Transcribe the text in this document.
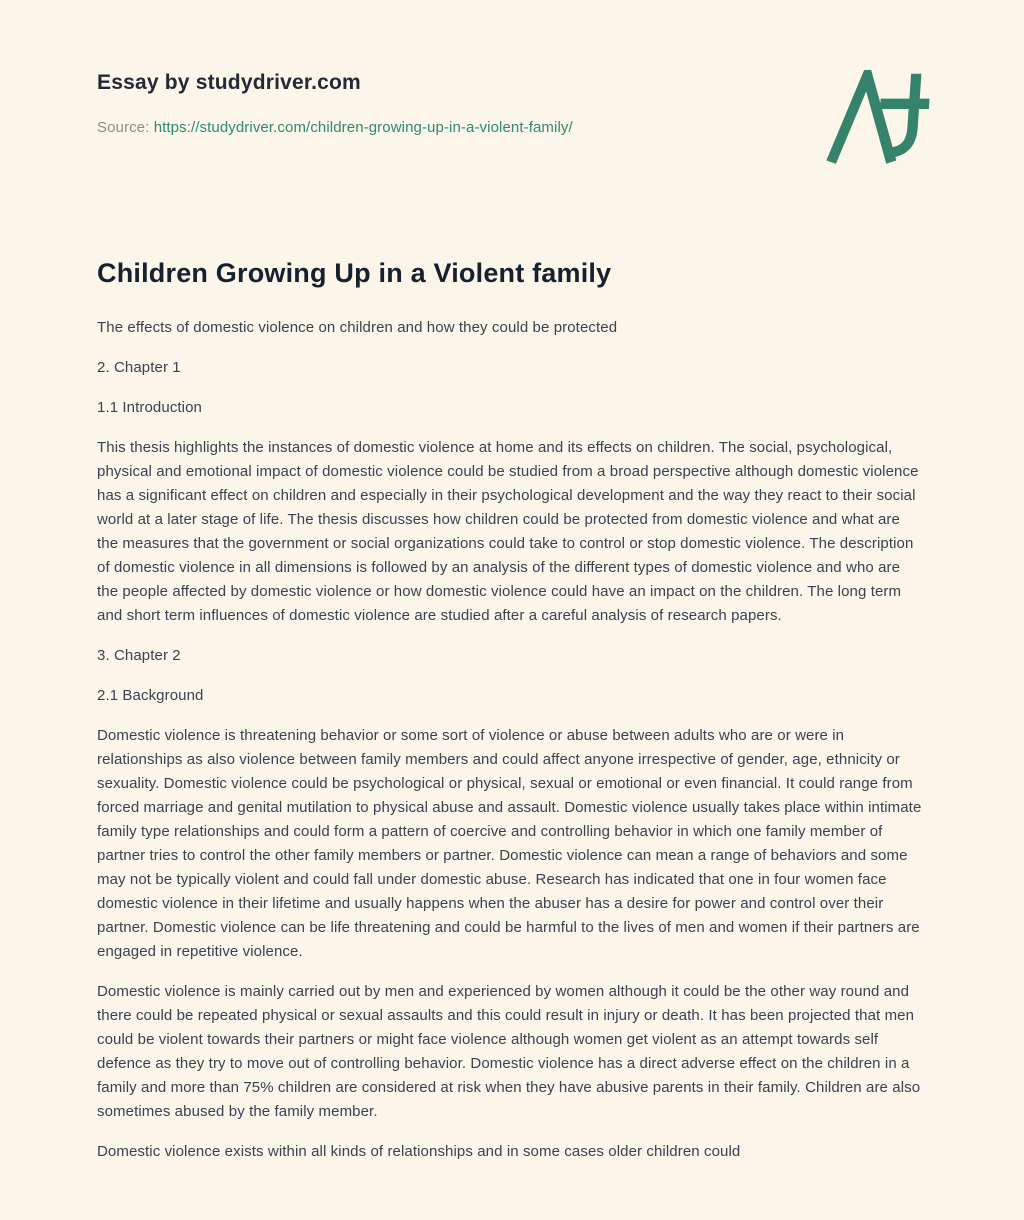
Essay by studydriver.com
Source: https://studydriver.com/children-growing-up-in-a-violent-family/
Children Growing Up in a Violent family

The effects of domestic violence on children and how they could be protected

2. Chapter 1

1.1 Introduction

This thesis highlights the instances of domestic violence at home and its effects on children. The social, psychological, physical and emotional impact of domestic violence could be studied from a broad perspective although domestic violence has a significant effect on children and especially in their psychological development and the way they react to their social world at a later stage of life. The thesis discusses how children could be protected from domestic violence and what are the measures that the government or social organizations could take to control or stop domestic violence. The description of domestic violence in all dimensions is followed by an analysis of the different types of domestic violence and who are the people affected by domestic violence or how domestic violence could have an impact on the children. The long term and short term influences of domestic violence are studied after a careful analysis of research papers.

3. Chapter 2

2.1 Background

Domestic violence is threatening behavior or some sort of violence or abuse between adults who are or were in relationships as also violence between family members and could affect anyone irrespective of gender, age, ethnicity or sexuality. Domestic violence could be psychological or physical, sexual or emotional or even financial. It could range from forced marriage and genital mutilation to physical abuse and assault. Domestic violence usually takes place within intimate family type relationships and could form a pattern of coercive and controlling behavior in which one family member of partner tries to control the other family members or partner. Domestic violence can mean a range of behaviors and some may not be typically violent and could fall under domestic abuse. Research has indicated that one in four women face domestic violence in their lifetime and usually happens when the abuser has a desire for power and control over their partner. Domestic violence can be life threatening and could be harmful to the lives of men and women if their partners are engaged in repetitive violence.

Domestic violence is mainly carried out by men and experienced by women although it could be the other way round and there could be repeated physical or sexual assaults and this could result in injury or death. It has been projected that men could be violent towards their partners or might face violence although women get violent as an attempt towards self defence as they try to move out of controlling behavior. Domestic violence has a direct adverse effect on the children in a family and more than 75% children are considered at risk when they have abusive parents in their family. Children are also sometimes abused by the family member.

Domestic violence exists within all kinds of relationships and in some cases older children could
